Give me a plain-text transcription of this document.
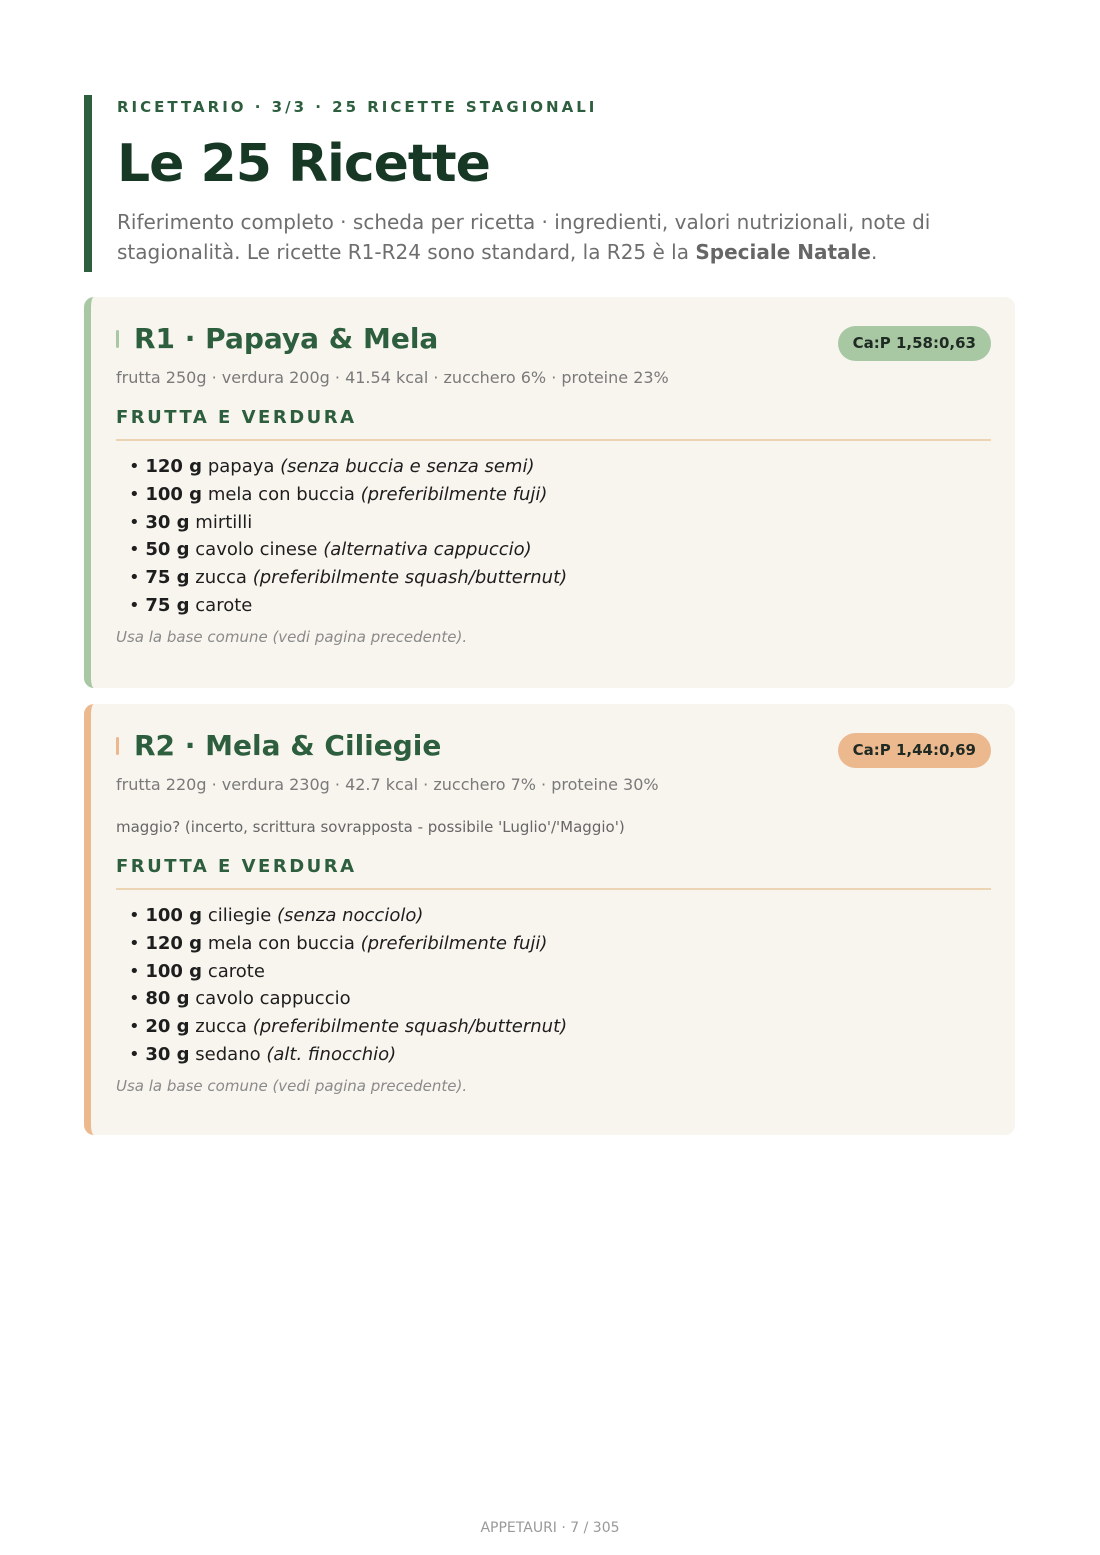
RICETTARIO · 3/3 · 25 RICETTE STAGIONALI
Le 25 Ricette

Riferimento completo · scheda per ricetta · ingredienti, valori nutrizionali, note di stagionalità. Le ricette R1-R24 sono standard, la R25 è la Speciale Natale.

R1 · Papaya & Mela	Ca:P 1,58:0,63
frutta 250g · verdura 200g · 41.54 kcal · zucchero 6% · proteine 23%
FRUTTA E VERDURA
• 120 g papaya (senza buccia e senza semi)
• 100 g mela con buccia (preferibilmente fuji)
• 30 g mirtilli
• 50 g cavolo cinese (alternativa cappuccio)
• 75 g zucca (preferibilmente squash/butternut)
• 75 g carote
Usa la base comune (vedi pagina precedente).
R2 · Mela & Ciliegie	Ca:P 1,44:0,69
frutta 220g · verdura 230g · 42.7 kcal · zucchero 7% · proteine 30%
maggio? (incerto, scrittura sovrapposta - possibile 'Luglio'/'Maggio')
FRUTTA E VERDURA
• 100 g ciliegie (senza nocciolo)
• 120 g mela con buccia (preferibilmente fuji)
• 100 g carote
• 80 g cavolo cappuccio
• 20 g zucca (preferibilmente squash/butternut)
• 30 g sedano (alt. finocchio)
Usa la base comune (vedi pagina precedente).
APPETAURI · 7 / 305
